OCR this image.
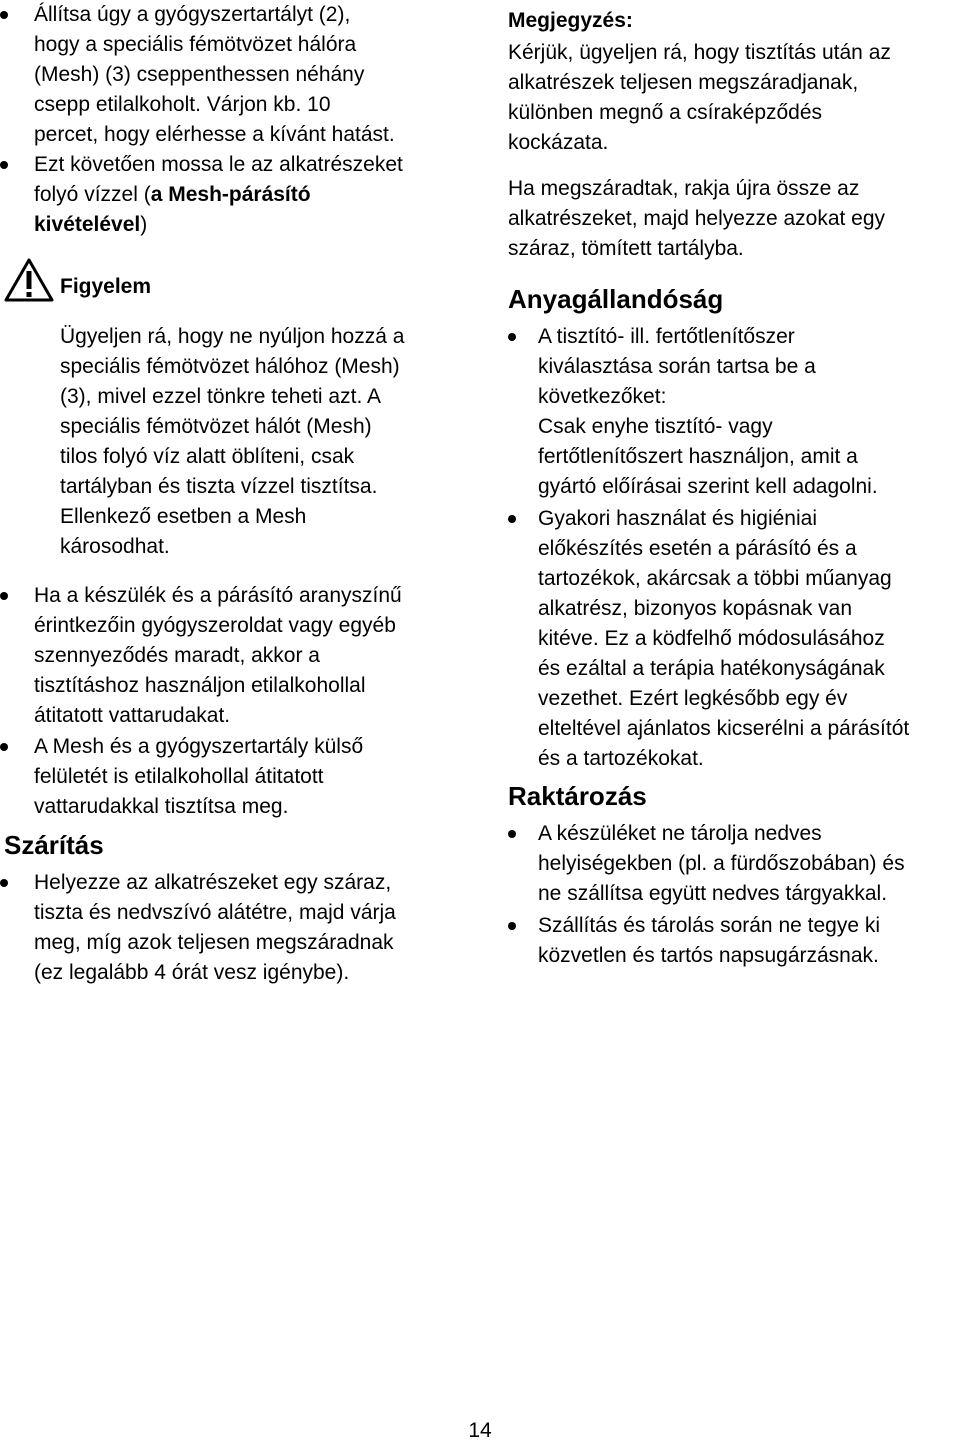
Állítsa úgy a gyógyszertartályt (2),
hogy a speciális fémötvözet hálóra
(Mesh) (3) cseppenthessen néhány
csepp etilalkoholt. Várjon kb. 10
percet, hogy elérhesse a kívánt hatást.
Ezt követően mossa le az alkatrészeket
folyó vízzel (a Mesh-párásító
kivételével)
Figyelem
Ügyeljen rá, hogy ne nyúljon hozzá a
speciális fémötvözet hálóhoz (Mesh)
(3), mivel ezzel tönkre teheti azt. A
speciális fémötvözet hálót (Mesh)
tilos folyó víz alatt öblíteni, csak
tartályban és tiszta vízzel tisztítsa.
Ellenkező esetben a Mesh
károsodhat.
Ha a készülék és a párásító aranyszínű
érintkezőin gyógyszeroldat vagy egyéb
szennyeződés maradt, akkor a
tisztításhoz használjon etilalkohollal
átitatott vattarudakat.
A Mesh és a gyógyszertartály külső
felületét is etilalkohollal átitatott
vattarudakkal tisztítsa meg.
Szárítás
Helyezze az alkatrészeket egy száraz,
tiszta és nedvszívó alátétre, majd várja
meg, míg azok teljesen megszáradnak
(ez legalább 4 órát vesz igénybe).
Megjegyzés:
Kérjük, ügyeljen rá, hogy tisztítás után az
alkatrészek teljesen megszáradjanak,
különben megnő a csíraképződés
kockázata.
Ha megszáradtak, rakja újra össze az
alkatrészeket, majd helyezze azokat egy
száraz, tömített tartályba.
Anyagállandóság
A tisztító- ill. fertőtlenítőszer
kiválasztása során tartsa be a
következőket:
Csak enyhe tisztító- vagy
fertőtlenítőszert használjon, amit a
gyártó előírásai szerint kell adagolni.
Gyakori használat és higiéniai
előkészítés esetén a párásító és a
tartozékok, akárcsak a többi műanyag
alkatrész, bizonyos kopásnak van
kitéve. Ez a ködfelhő módosulásához
és ezáltal a terápia hatékonyságának
vezethet. Ezért legkésőbb egy év
elteltével ajánlatos kicserélni a párásítót
és a tartozékokat.
Raktározás
A készüléket ne tárolja nedves
helyiségekben (pl. a fürdőszobában) és
ne szállítsa együtt nedves tárgyakkal.
Szállítás és tárolás során ne tegye ki
közvetlen és tartós napsugárzásnak.
14
